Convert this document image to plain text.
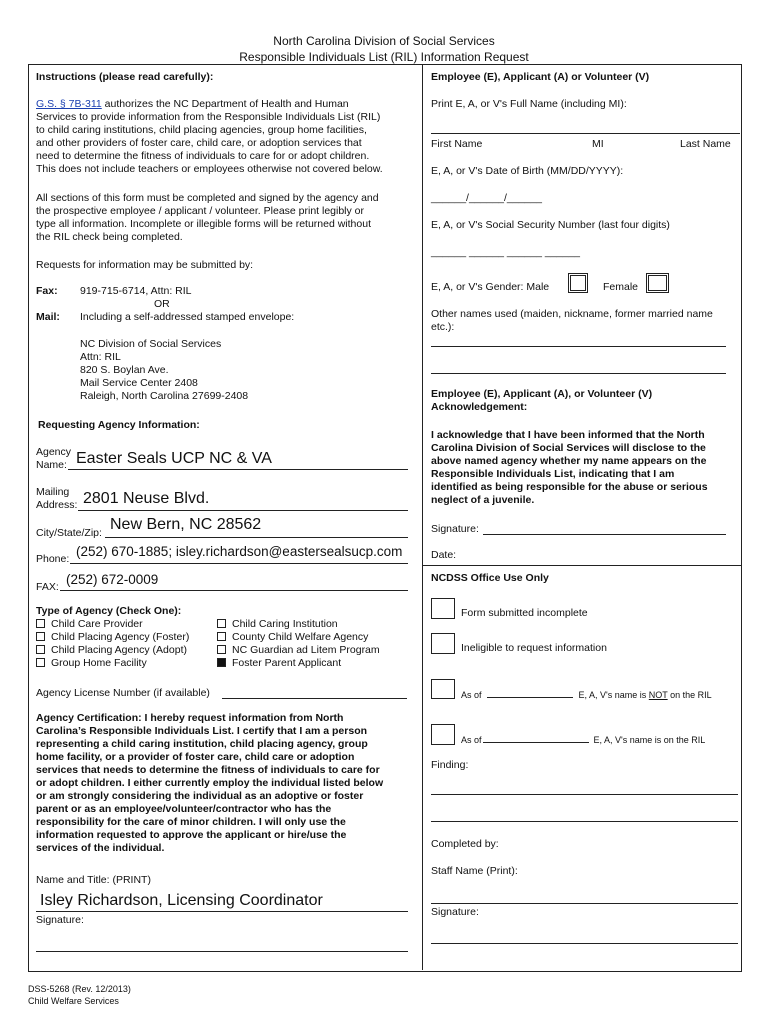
North Carolina Division of Social Services
Responsible Individuals List (RIL) Information Request
Instructions (please read carefully):
G.S. § 7B-311 authorizes the NC Department of Health and Human
Services to provide information from the Responsible Individuals List (RIL)
to child caring institutions, child placing agencies, group home facilities,
and other providers of foster care, child care, or adoption services that
need to determine the fitness of individuals to care for or adopt children.
This does not include teachers or employees otherwise not covered below.
All sections of this form must be completed and signed by the agency and
the prospective employee / applicant / volunteer. Please print legibly or
type all information. Incomplete or illegible forms will be returned without
the RIL check being completed.
Requests for information may be submitted by:
Fax: 919-715-6714, Attn: RIL
OR
Mail: Including a self-addressed stamped envelope:
NC Division of Social Services
Attn: RIL
820 S. Boylan Ave.
Mail Service Center 2408
Raleigh, North Carolina 27699-2408
Requesting Agency Information:
Agency
Name: Easter Seals UCP NC & VA
Mailing
Address: 2801 Neuse Blvd.
City/State/Zip: New Bern, NC 28562
Phone: (252) 670-1885; isley.richardson@eastersealsucp.com
FAX: (252) 672-0009
Type of Agency (Check One):
Child Care Provider
Child Placing Agency (Foster)
Child Placing Agency (Adopt)
Group Home Facility
Child Caring Institution
County Child Welfare Agency
NC Guardian ad Litem Program
Foster Parent Applicant
Agency License Number (if available)
Agency Certification: I hereby request information from North
Carolina’s Responsible Individuals List. I certify that I am a person
representing a child caring institution, child placing agency, group
home facility, or a provider of foster care, child care or adoption
services that needs to determine the fitness of individuals to care for
or adopt children. I either currently employ the individual listed below
or am strongly considering the individual as an adoptive or foster
parent or as an employee/volunteer/contractor who has the
responsibility for the care of minor children. I will only use the
information requested to approve the applicant or hire/use the
services of the individual.
Name and Title: (PRINT)
Isley Richardson, Licensing Coordinator
Signature:
Employee (E), Applicant (A) or Volunteer (V)
Print E, A, or V's Full Name (including MI):
First Name	MI	Last Name
E, A, or V's Date of Birth (MM/DD/YYYY):
______/______/______
E, A, or V's Social Security Number (last four digits)
______ ______ ______ ______
E, A, or V's Gender: Male	Female
Other names used (maiden, nickname, former married name
etc.):
Employee (E), Applicant (A), or Volunteer (V)
Acknowledgement:
I acknowledge that I have been informed that the North
Carolina Division of Social Services will disclose to the
above named agency whether my name appears on the
Responsible Individuals List, indicating that I am
identified as being responsible for the abuse or serious
neglect of a juvenile.
Signature:
Date:
NCDSS Office Use Only
Form submitted incomplete
Ineligible to request information
As of	E, A, V's name is NOT on the RIL
As of	E, A, V's name is on the RIL
Finding:
Completed by:
Staff Name (Print):
Signature:
DSS-5268 (Rev. 12/2013)
Child Welfare Services
